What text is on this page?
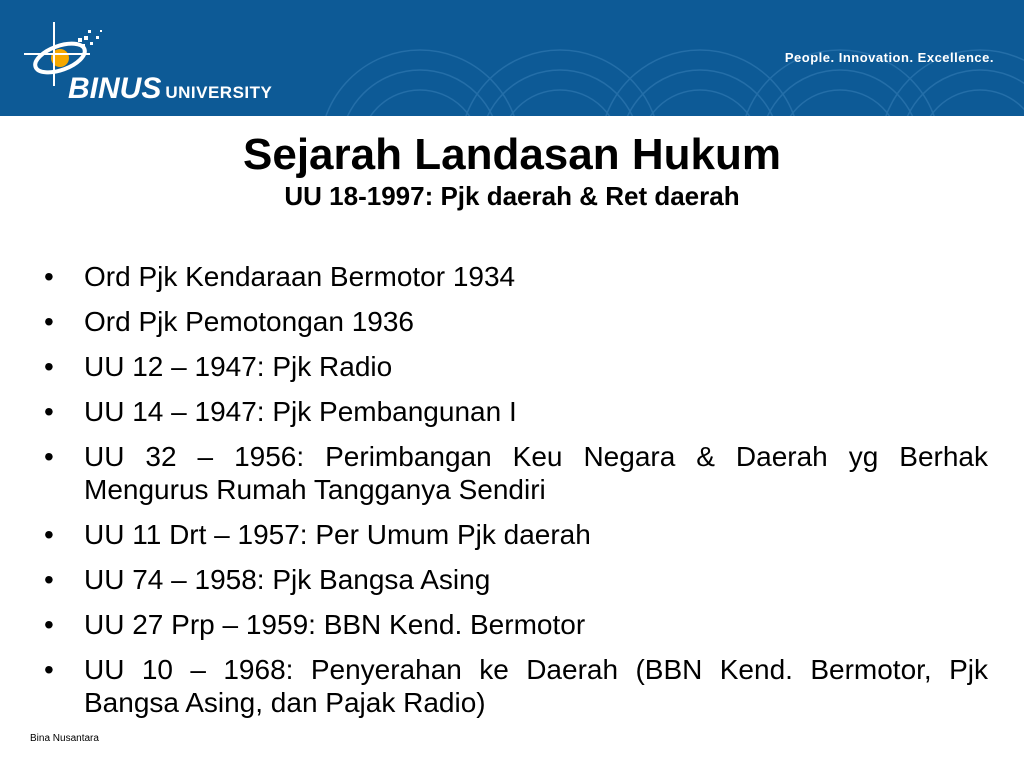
BINUS UNIVERSITY
People. Innovation. Excellence.
Sejarah Landasan Hukum
UU 18-1997: Pjk daerah & Ret daerah
• Ord Pjk Kendaraan Bermotor 1934
• Ord Pjk Pemotongan 1936
• UU 12 – 1947: Pjk Radio
• UU 14 – 1947: Pjk Pembangunan I
• UU 32 – 1956: Perimbangan Keu Negara & Daerah yg Berhak Mengurus Rumah Tangganya Sendiri
• UU 11 Drt – 1957: Per Umum Pjk daerah
• UU 74 – 1958: Pjk Bangsa Asing
• UU 27 Prp – 1959: BBN Kend. Bermotor
• UU 10 – 1968: Penyerahan ke Daerah (BBN Kend. Bermotor, Pjk Bangsa Asing, dan Pajak Radio)
Bina Nusantara
